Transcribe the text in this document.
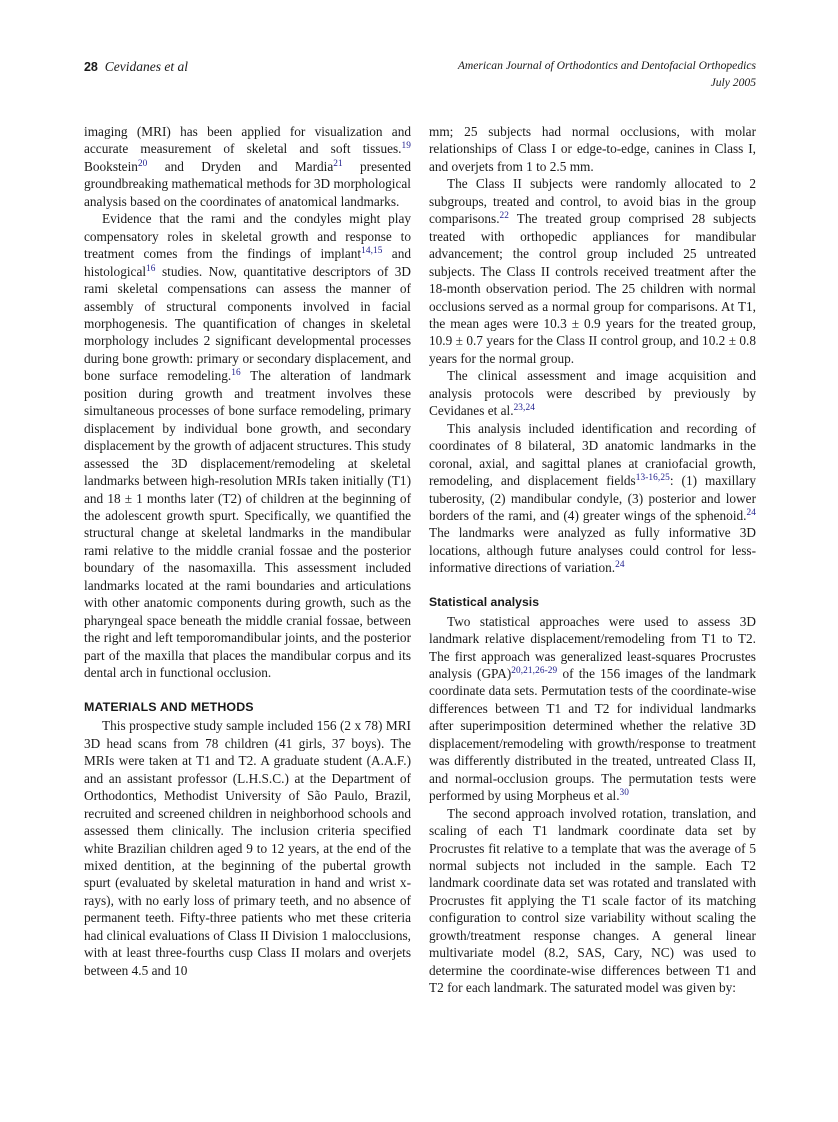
28 Cevidanes et al	American Journal of Orthodontics and Dentofacial Orthopedics
July 2005

imaging (MRI) has been applied for visualization and accurate measurement of skeletal and soft tissues.$^{19}$ Bookstein$^{20}$ and Dryden and Mardia$^{21}$ presented groundbreaking mathematical methods for 3D morphological analysis based on the coordinates of anatomical landmarks.

Evidence that the rami and the condyles might play compensatory roles in skeletal growth and response to treatment comes from the findings of implant$^{14,15}$ and histological$^{16}$ studies. Now, quantitative descriptors of 3D rami skeletal compensations can assess the manner of assembly of structural components involved in facial morphogenesis. The quantification of changes in skeletal morphology includes 2 significant developmental processes during bone growth: primary or secondary displacement, and bone surface remodeling.$^{16}$ The alteration of landmark position during growth and treatment involves these simultaneous processes of bone surface remodeling, primary displacement by individual bone growth, and secondary displacement by the growth of adjacent structures. This study assessed the 3D displacement/remodeling at skeletal landmarks between high-resolution MRIs taken initially (T1) and 18 ± 1 months later (T2) of children at the beginning of the adolescent growth spurt. Specifically, we quantified the structural change at skeletal landmarks in the mandibular rami relative to the middle cranial fossae and the posterior boundary of the nasomaxilla. This assessment included landmarks located at the rami boundaries and articulations with other anatomic components during growth, such as the pharyngeal space beneath the middle cranial fossae, between the right and left temporomandibular joints, and the posterior part of the maxilla that places the mandibular corpus and its dental arch in functional occlusion.

MATERIALS AND METHODS

This prospective study sample included 156 (2 x 78) MRI 3D head scans from 78 children (41 girls, 37 boys). The MRIs were taken at T1 and T2. A graduate student (A.A.F.) and an assistant professor (L.H.S.C.) at the Department of Orthodontics, Methodist University of São Paulo, Brazil, recruited and screened children in neighborhood schools and assessed them clinically. The inclusion criteria specified white Brazilian children aged 9 to 12 years, at the end of the mixed dentition, at the beginning of the pubertal growth spurt (evaluated by skeletal maturation in hand and wrist x-rays), with no early loss of primary teeth, and no absence of permanent teeth. Fifty-three patients who met these criteria had clinical evaluations of Class II Division 1 malocclusions, with at least three-fourths cusp Class II molars and overjets between 4.5 and 10

mm; 25 subjects had normal occlusions, with molar relationships of Class I or edge-to-edge, canines in Class I, and overjets from 1 to 2.5 mm.

The Class II subjects were randomly allocated to 2 subgroups, treated and control, to avoid bias in the group comparisons.$^{22}$ The treated group comprised 28 subjects treated with orthopedic appliances for mandibular advancement; the control group included 25 untreated subjects. The Class II controls received treatment after the 18-month observation period. The 25 children with normal occlusions served as a normal group for comparisons. At T1, the mean ages were 10.3 ± 0.9 years for the treated group, 10.9 ± 0.7 years for the Class II control group, and 10.2 ± 0.8 years for the normal group.

The clinical assessment and image acquisition and analysis protocols were described by previously by Cevidanes et al.$^{23,24}$

This analysis included identification and recording of coordinates of 8 bilateral, 3D anatomic landmarks in the coronal, axial, and sagittal planes at craniofacial growth, remodeling, and displacement fields$^{13-16,25}$: (1) maxillary tuberosity, (2) mandibular condyle, (3) posterior and lower borders of the rami, and (4) greater wings of the sphenoid.$^{24}$ The landmarks were analyzed as fully informative 3D locations, although future analyses could control for less-informative directions of variation.$^{24}$

Statistical analysis

Two statistical approaches were used to assess 3D landmark relative displacement/remodeling from T1 to T2. The first approach was generalized least-squares Procrustes analysis (GPA)$^{20,21,26-29}$ of the 156 images of the landmark coordinate data sets. Permutation tests of the coordinate-wise differences between T1 and T2 for individual landmarks after superimposition determined whether the relative 3D displacement/remodeling with growth/response to treatment was differently distributed in the treated, untreated Class II, and normal-occlusion groups. The permutation tests were performed by using Morpheus et al.$^{30}$

The second approach involved rotation, translation, and scaling of each T1 landmark coordinate data set by Procrustes fit relative to a template that was the average of 5 normal subjects not included in the sample. Each T2 landmark coordinate data set was rotated and translated with Procrustes fit applying the T1 scale factor of its matching configuration to control size variability without scaling the growth/treatment response changes. A general linear multivariate model (8.2, SAS, Cary, NC) was used to determine the coordinate-wise differences between T1 and T2 for each landmark. The saturated model was given by:
